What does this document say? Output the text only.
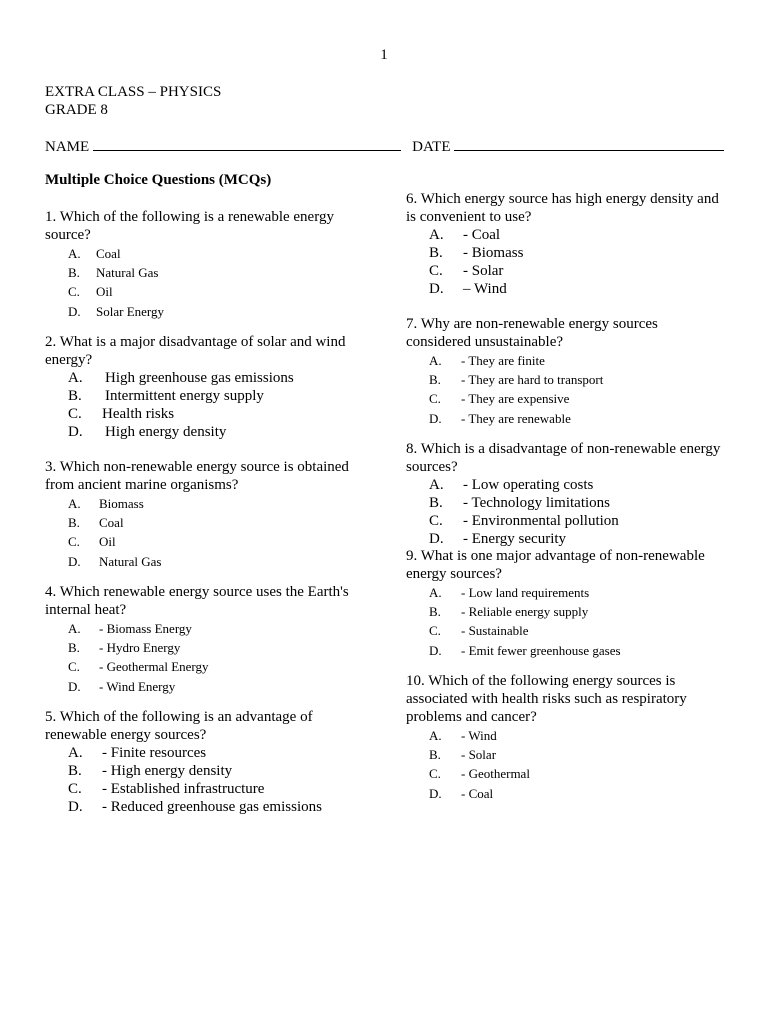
1
EXTRA CLASS – PHYSICS
GRADE 8
NAME	DATE
Multiple Choice Questions (MCQs)

1. Which of the following is a renewable energy source?

A.	Coal
B.	Natural Gas
C.	Oil
D.	Solar Energy

2. What is a major disadvantage of solar and wind energy?

A.	High greenhouse gas emissions
B.	Intermittent energy supply
C.	Health risks
D.	High energy density

3. Which non-renewable energy source is obtained from ancient marine organisms?

A.	Biomass
B.	Coal
C.	Oil
D.	Natural Gas

4. Which renewable energy source uses the Earth's internal heat?

A.	- Biomass Energy
B.	- Hydro Energy
C.	- Geothermal Energy
D.	- Wind Energy

5. Which of the following is an advantage of renewable energy sources?

A.	- Finite resources
B.	- High energy density
C.	- Established infrastructure
D.	- Reduced greenhouse gas emissions

6. Which energy source has high energy density and is convenient to use?

A.	- Coal
B.	- Biomass
C.	- Solar
D.	– Wind

7. Why are non-renewable energy sources considered unsustainable?

A.	- They are finite
B.	- They are hard to transport
C.	- They are expensive
D.	- They are renewable

8. Which is a disadvantage of non-renewable energy sources?

A.	- Low operating costs
B.	- Technology limitations
C.	- Environmental pollution
D.	- Energy security

9. What is one major advantage of non-renewable energy sources?

A.	- Low land requirements
B.	- Reliable energy supply
C.	- Sustainable
D.	- Emit fewer greenhouse gases

10. Which of the following energy sources is associated with health risks such as respiratory problems and cancer?

A.	- Wind
B.	- Solar
C.	- Geothermal
D.	- Coal
